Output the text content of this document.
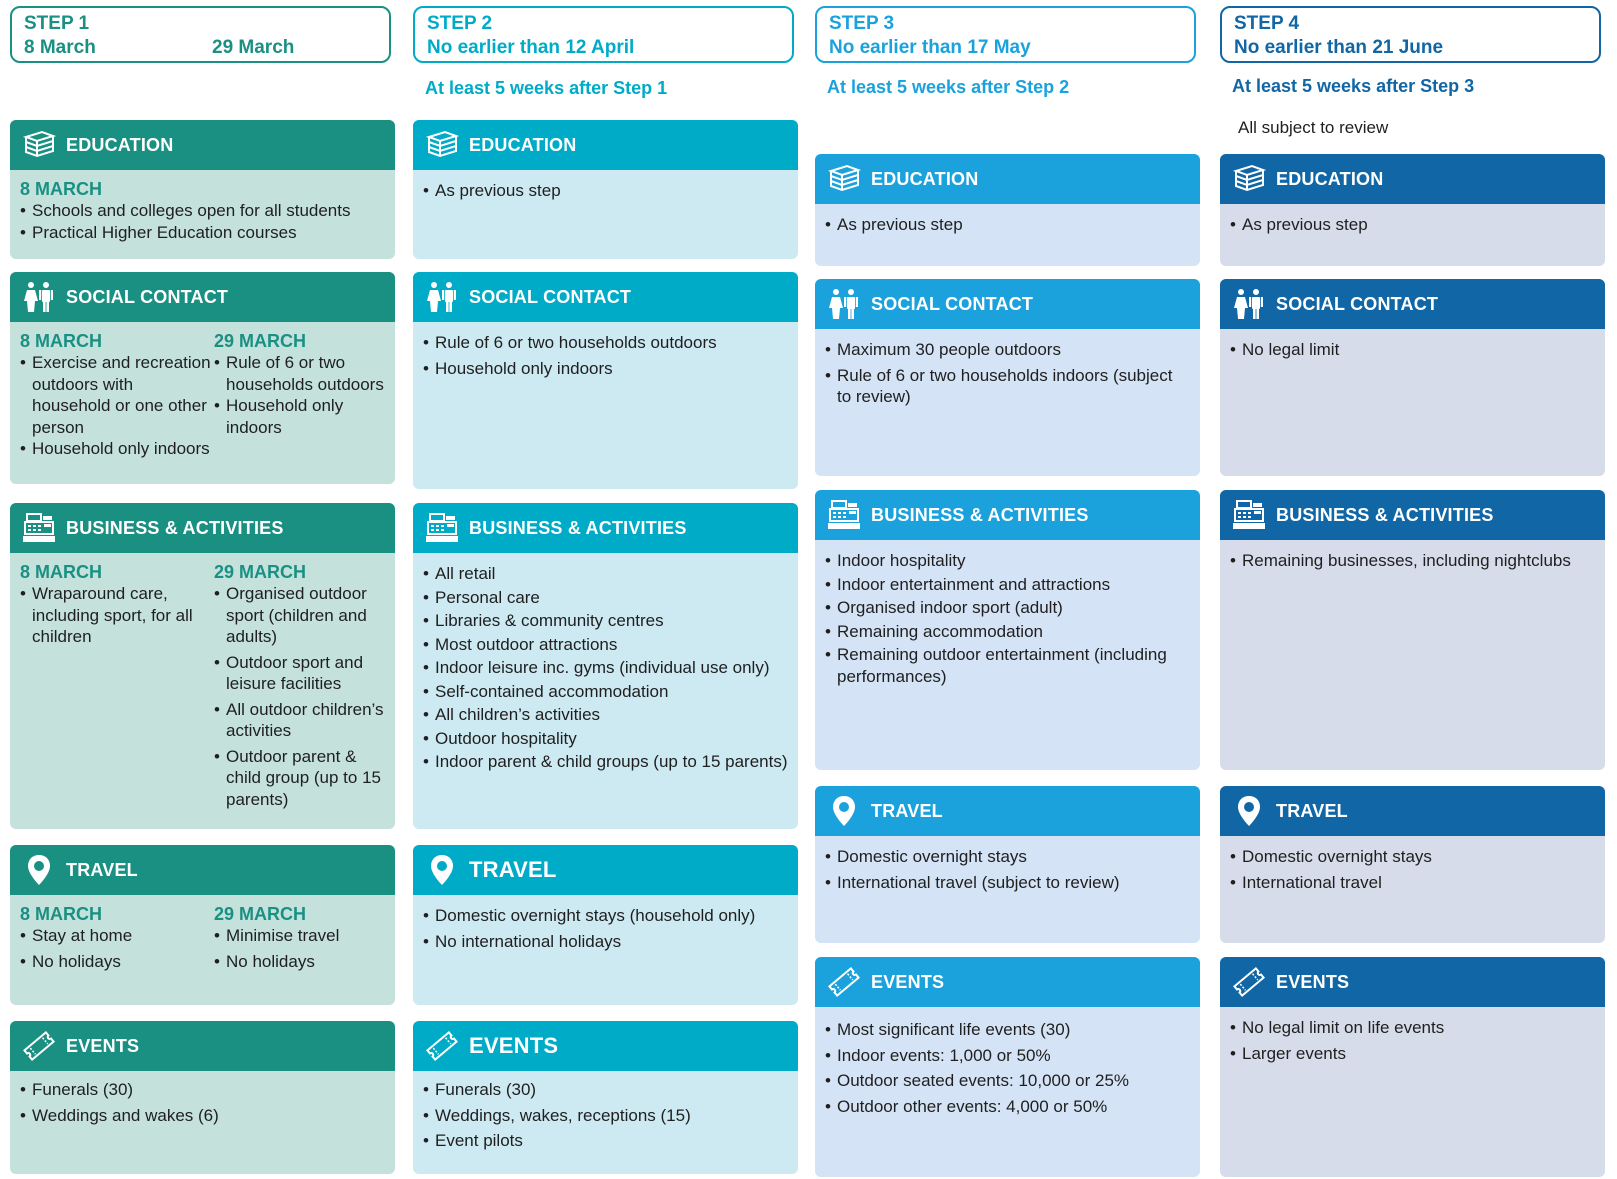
STEP 1
8 March	29 March
EDUCATION
8 MARCH
• Schools and colleges open for all students
• Practical Higher Education courses
SOCIAL CONTACT
8 MARCH
• Exercise and recreation outdoors with household or one other person
• Household only indoors
29 MARCH
• Rule of 6 or two households outdoors
• Household only indoors
BUSINESS & ACTIVITIES
8 MARCH
• Wraparound care, including sport, for all children
29 MARCH
• Organised outdoor sport (children and adults)
• Outdoor sport and leisure facilities
• All outdoor children’s activities
• Outdoor parent & child group (up to 15 parents)
TRAVEL
8 MARCH
• Stay at home
• No holidays
29 MARCH
• Minimise travel
• No holidays
EVENTS
• Funerals (30)
• Weddings and wakes (6)
STEP 2
No earlier than 12 April
At least 5 weeks after Step 1
EDUCATION
• As previous step
SOCIAL CONTACT
• Rule of 6 or two households outdoors
• Household only indoors
BUSINESS & ACTIVITIES
• All retail
• Personal care
• Libraries & community centres
• Most outdoor attractions
• Indoor leisure inc. gyms (individual use only)
• Self-contained accommodation
• All children’s activities
• Outdoor hospitality
• Indoor parent & child groups (up to 15 parents)
TRAVEL
• Domestic overnight stays (household only)
• No international holidays
EVENTS
• Funerals (30)
• Weddings, wakes, receptions (15)
• Event pilots
STEP 3
No earlier than 17 May
At least 5 weeks after Step 2
EDUCATION
• As previous step
SOCIAL CONTACT
• Maximum 30 people outdoors
• Rule of 6 or two households indoors (subject to review)
BUSINESS & ACTIVITIES
• Indoor hospitality
• Indoor entertainment and attractions
• Organised indoor sport (adult)
• Remaining accommodation
• Remaining outdoor entertainment (including performances)
TRAVEL
• Domestic overnight stays
• International travel (subject to review)
EVENTS
• Most significant life events (30)
• Indoor events: 1,000 or 50%
• Outdoor seated events: 10,000 or 25%
• Outdoor other events: 4,000 or 50%
STEP 4
No earlier than 21 June
At least 5 weeks after Step 3
All subject to review
EDUCATION
• As previous step
SOCIAL CONTACT
• No legal limit
BUSINESS & ACTIVITIES
• Remaining businesses, including nightclubs
TRAVEL
• Domestic overnight stays
• International travel
EVENTS
• No legal limit on life events
• Larger events
